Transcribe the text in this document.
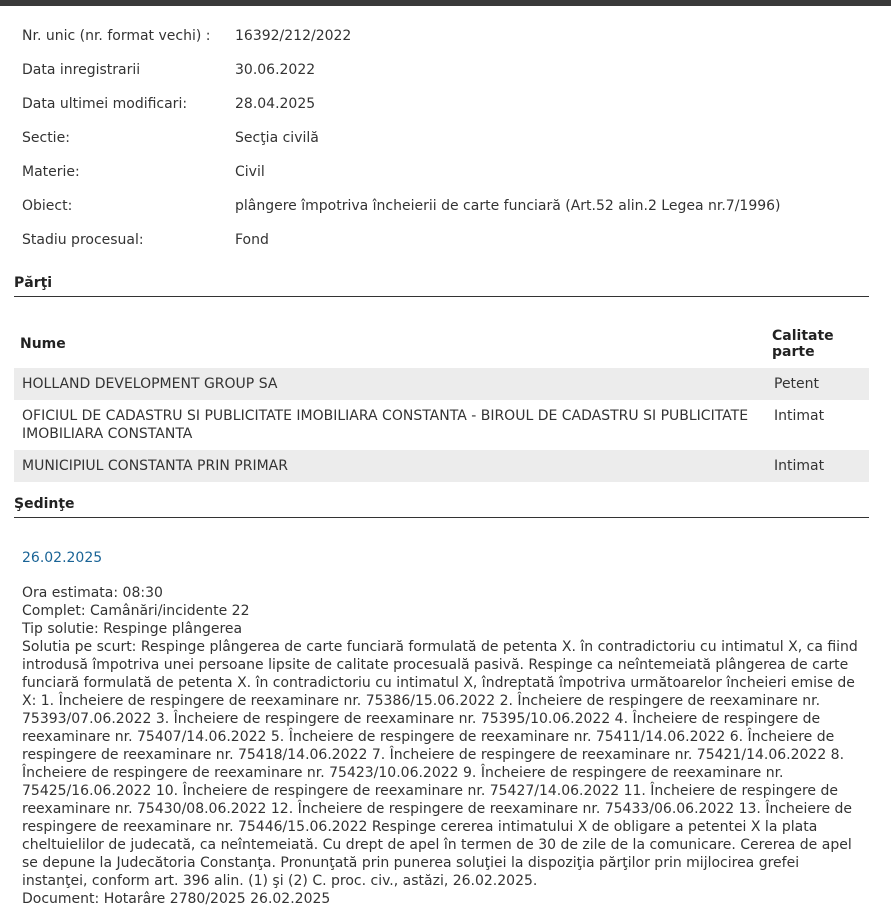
Nr. unic (nr. format vechi) : 16392/212/2022
Data inregistrarii	30.06.2022
Data ultimei modificari:	28.04.2025
Sectie:	Secţia civilă
Materie:	Civil
Obiect:	plângere împotriva încheierii de carte funciară (Art.52 alin.2 Legea nr.7/1996)
Stadiu procesual:	Fond
Părţi
Nume	Calitate parte
HOLLAND DEVELOPMENT GROUP SA	Petent
OFICIUL DE CADASTRU SI PUBLICITATE IMOBILIARA CONSTANTA - BIROUL DE CADASTRU SI PUBLICITATE IMOBILIARA CONSTANTA	Intimat
MUNICIPIUL CONSTANTA PRIN PRIMAR	Intimat
Şedinţe
26.02.2025
Ora estimata: 08:30
Complet: Camânări/incidente 22
Tip solutie: Respinge plângerea
Solutia pe scurt: Respinge plângerea de carte funciară formulată de petenta X. în contradictoriu cu intimatul X, ca fiind introdusă împotriva unei persoane lipsite de calitate procesuală pasivă. Respinge ca neîntemeiată plângerea de carte funciară formulată de petenta X. în contradictoriu cu intimatul X, îndreptată împotriva următoarelor încheieri emise de X: 1. Încheiere de respingere de reexaminare nr. 75386/15.06.2022 2. Încheiere de respingere de reexaminare nr. 75393/07.06.2022 3. Încheiere de respingere de reexaminare nr. 75395/10.06.2022 4. Încheiere de respingere de reexaminare nr. 75407/14.06.2022 5. Încheiere de respingere de reexaminare nr. 75411/14.06.2022 6. Încheiere de respingere de reexaminare nr. 75418/14.06.2022 7. Încheiere de respingere de reexaminare nr. 75421/14.06.2022 8. Încheiere de respingere de reexaminare nr. 75423/10.06.2022 9. Încheiere de respingere de reexaminare nr. 75425/16.06.2022 10. Încheiere de respingere de reexaminare nr. 75427/14.06.2022 11. Încheiere de respingere de reexaminare nr. 75430/08.06.2022 12. Încheiere de respingere de reexaminare nr. 75433/06.06.2022 13. Încheiere de respingere de reexaminare nr. 75446/15.06.2022 Respinge cererea intimatului X de obligare a petentei X la plata cheltuielilor de judecată, ca neîntemeiată. Cu drept de apel în termen de 30 de zile de la comunicare. Cererea de apel se depune la Judecătoria Constanţa. Pronunţată prin punerea soluţiei la dispoziţia părţilor prin mijlocirea grefei instanţei, conform art. 396 alin. (1) şi (2) C. proc. civ., astăzi, 26.02.2025.
Document: Hotarâre 2780/2025 26.02.2025
